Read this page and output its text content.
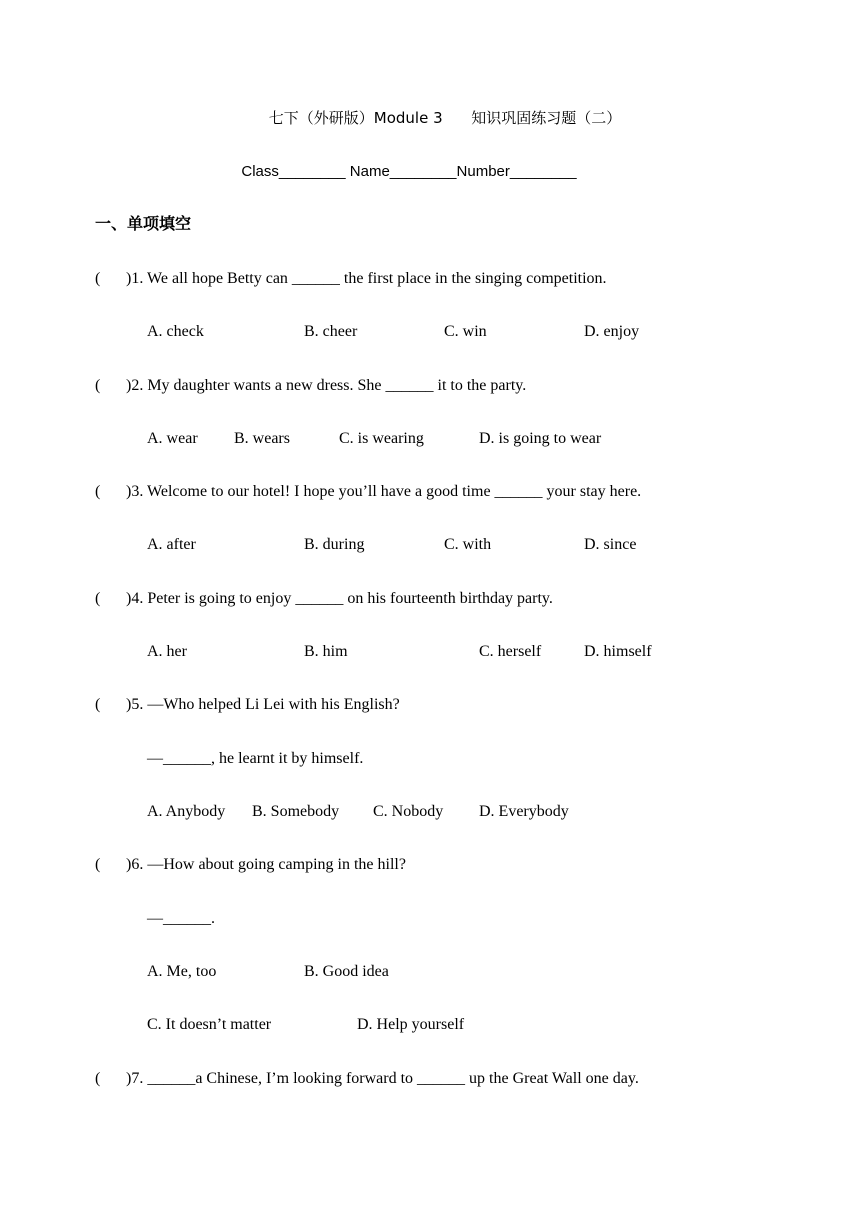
七下（外研版）Module 3      知识巩固练习题（二）
Class________ Name________Number________
一、单项填空
( )1. We all hope Betty can ______ the first place in the singing competition.
A. check	B. cheer	C. win	D. enjoy
( )2. My daughter wants a new dress. She ______ it to the party.
A. wear B. wears	C. is wearing	D. is going to wear
( )3. Welcome to our hotel! I hope you’ll have a good time ______ your stay here.
A. after	B. during	C. with	D. since
( )4. Peter is going to enjoy ______ on his fourteenth birthday party.
A. her	B. him	C. herself	D. himself
( )5. —Who helped Li Lei with his English?
—______, he learnt it by himself.
A. Anybody B. Somebody C. Nobody D. Everybody
( )6. —How about going camping in the hill?
—______.
A. Me, too	B. Good idea
C. It doesn’t matter	D. Help yourself
( )7. ______a Chinese, I’m looking forward to ______ up the Great Wall one day.
